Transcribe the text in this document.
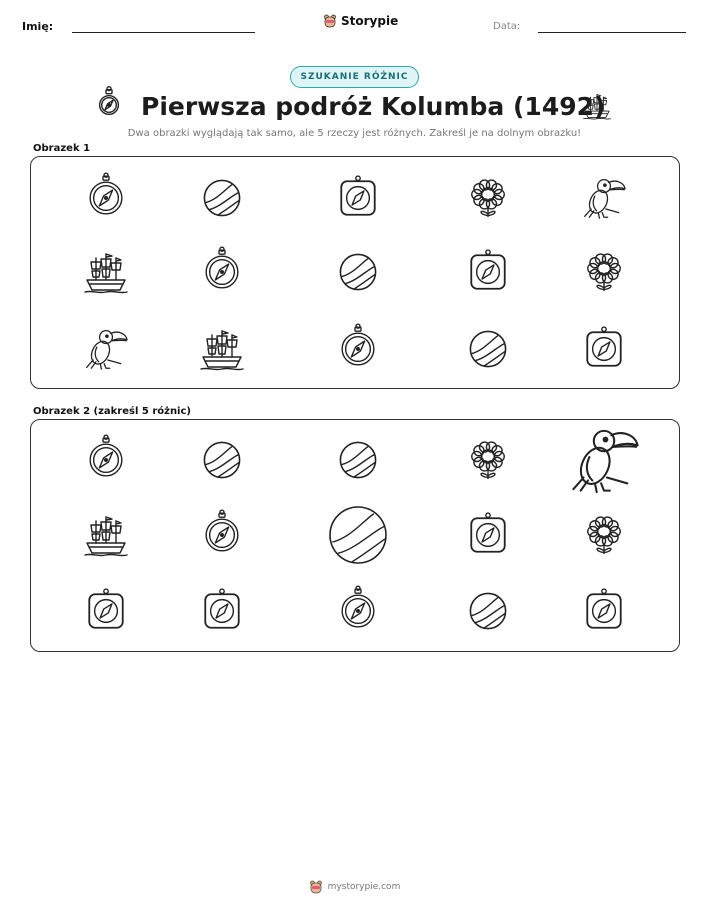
Imię:	Storypie	Data:
SZUKANIE RÓŻNIC
Pierwsza podróż Kolumba (1492)
Dwa obrazki wyglądają tak samo, ale 5 rzeczy jest różnych. Zakreśl je na dolnym obrazku!
Obrazek 1
Obrazek 2 (zakreśl 5 różnic)
mystorypie.com
